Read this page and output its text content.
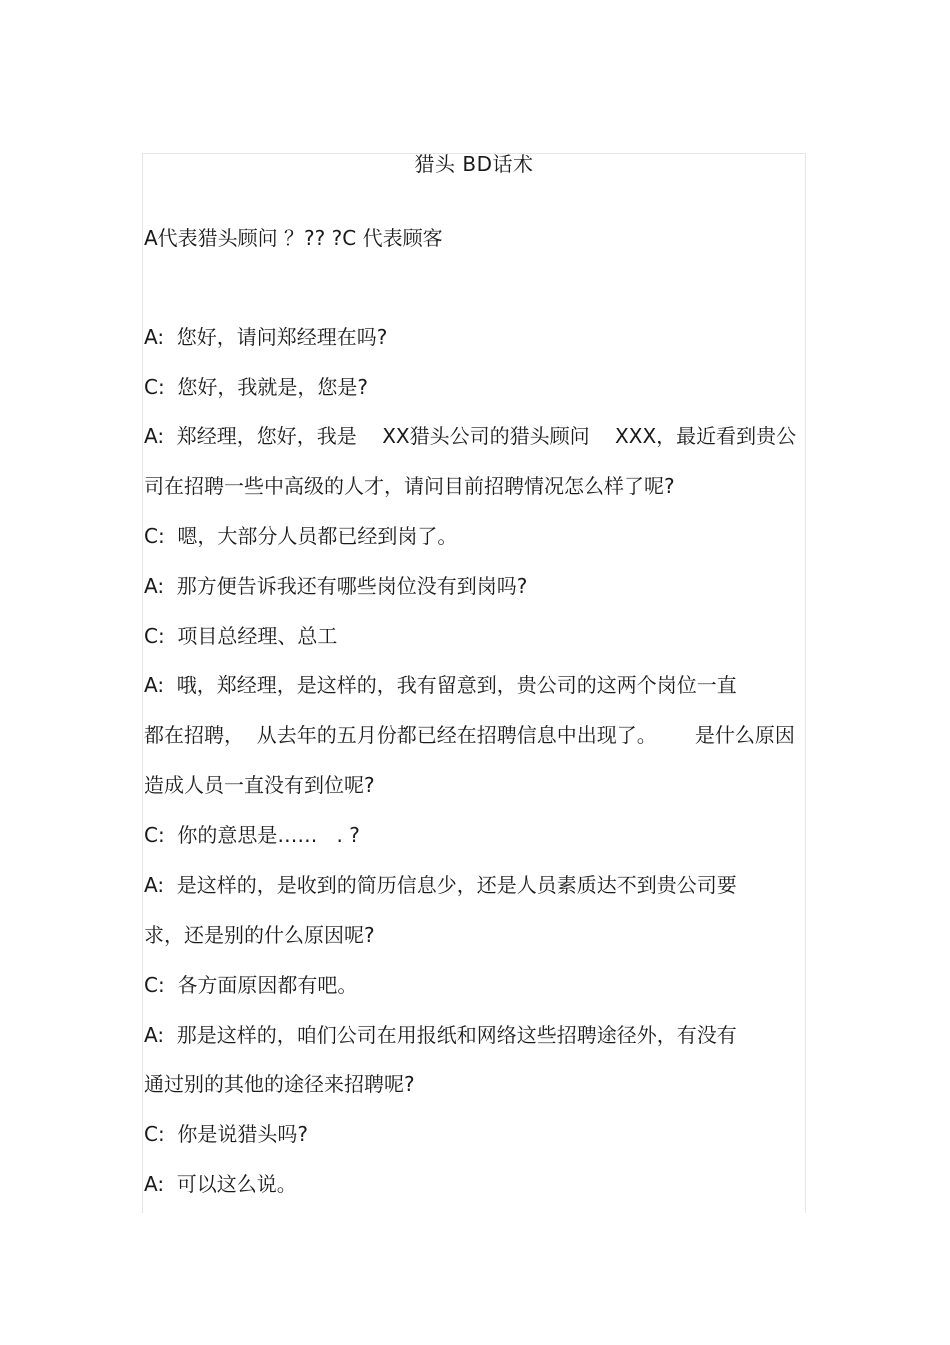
猎头 BD话术
A代表猎头顾问 ？?? ?C 代表顾客
A:  您好，请问郑经理在吗?
C:  您好，我就是，您是?
A:  郑经理，您好，我是    XX猎头公司的猎头顾问    XXX，最近看到贵公
司在招聘一些中高级的人才，请问目前招聘情况怎么样了呢?
C:  嗯，大部分人员都已经到岗了。
A:  那方便告诉我还有哪些岗位没有到岗吗?
C:  项目总经理、总工
A:  哦，郑经理，是这样的，我有留意到，贵公司的这两个岗位一直
都在招聘，  从去年的五月份都已经在招聘信息中出现了。      是什么原因
造成人员一直没有到位呢?
C:  你的意思是……   . ?
A:  是这样的，是收到的简历信息少，还是人员素质达不到贵公司要
求，还是别的什么原因呢?
C:  各方面原因都有吧。
A:  那是这样的，咱们公司在用报纸和网络这些招聘途径外，有没有
通过别的其他的途径来招聘呢?
C:  你是说猎头吗?
A:  可以这么说。
